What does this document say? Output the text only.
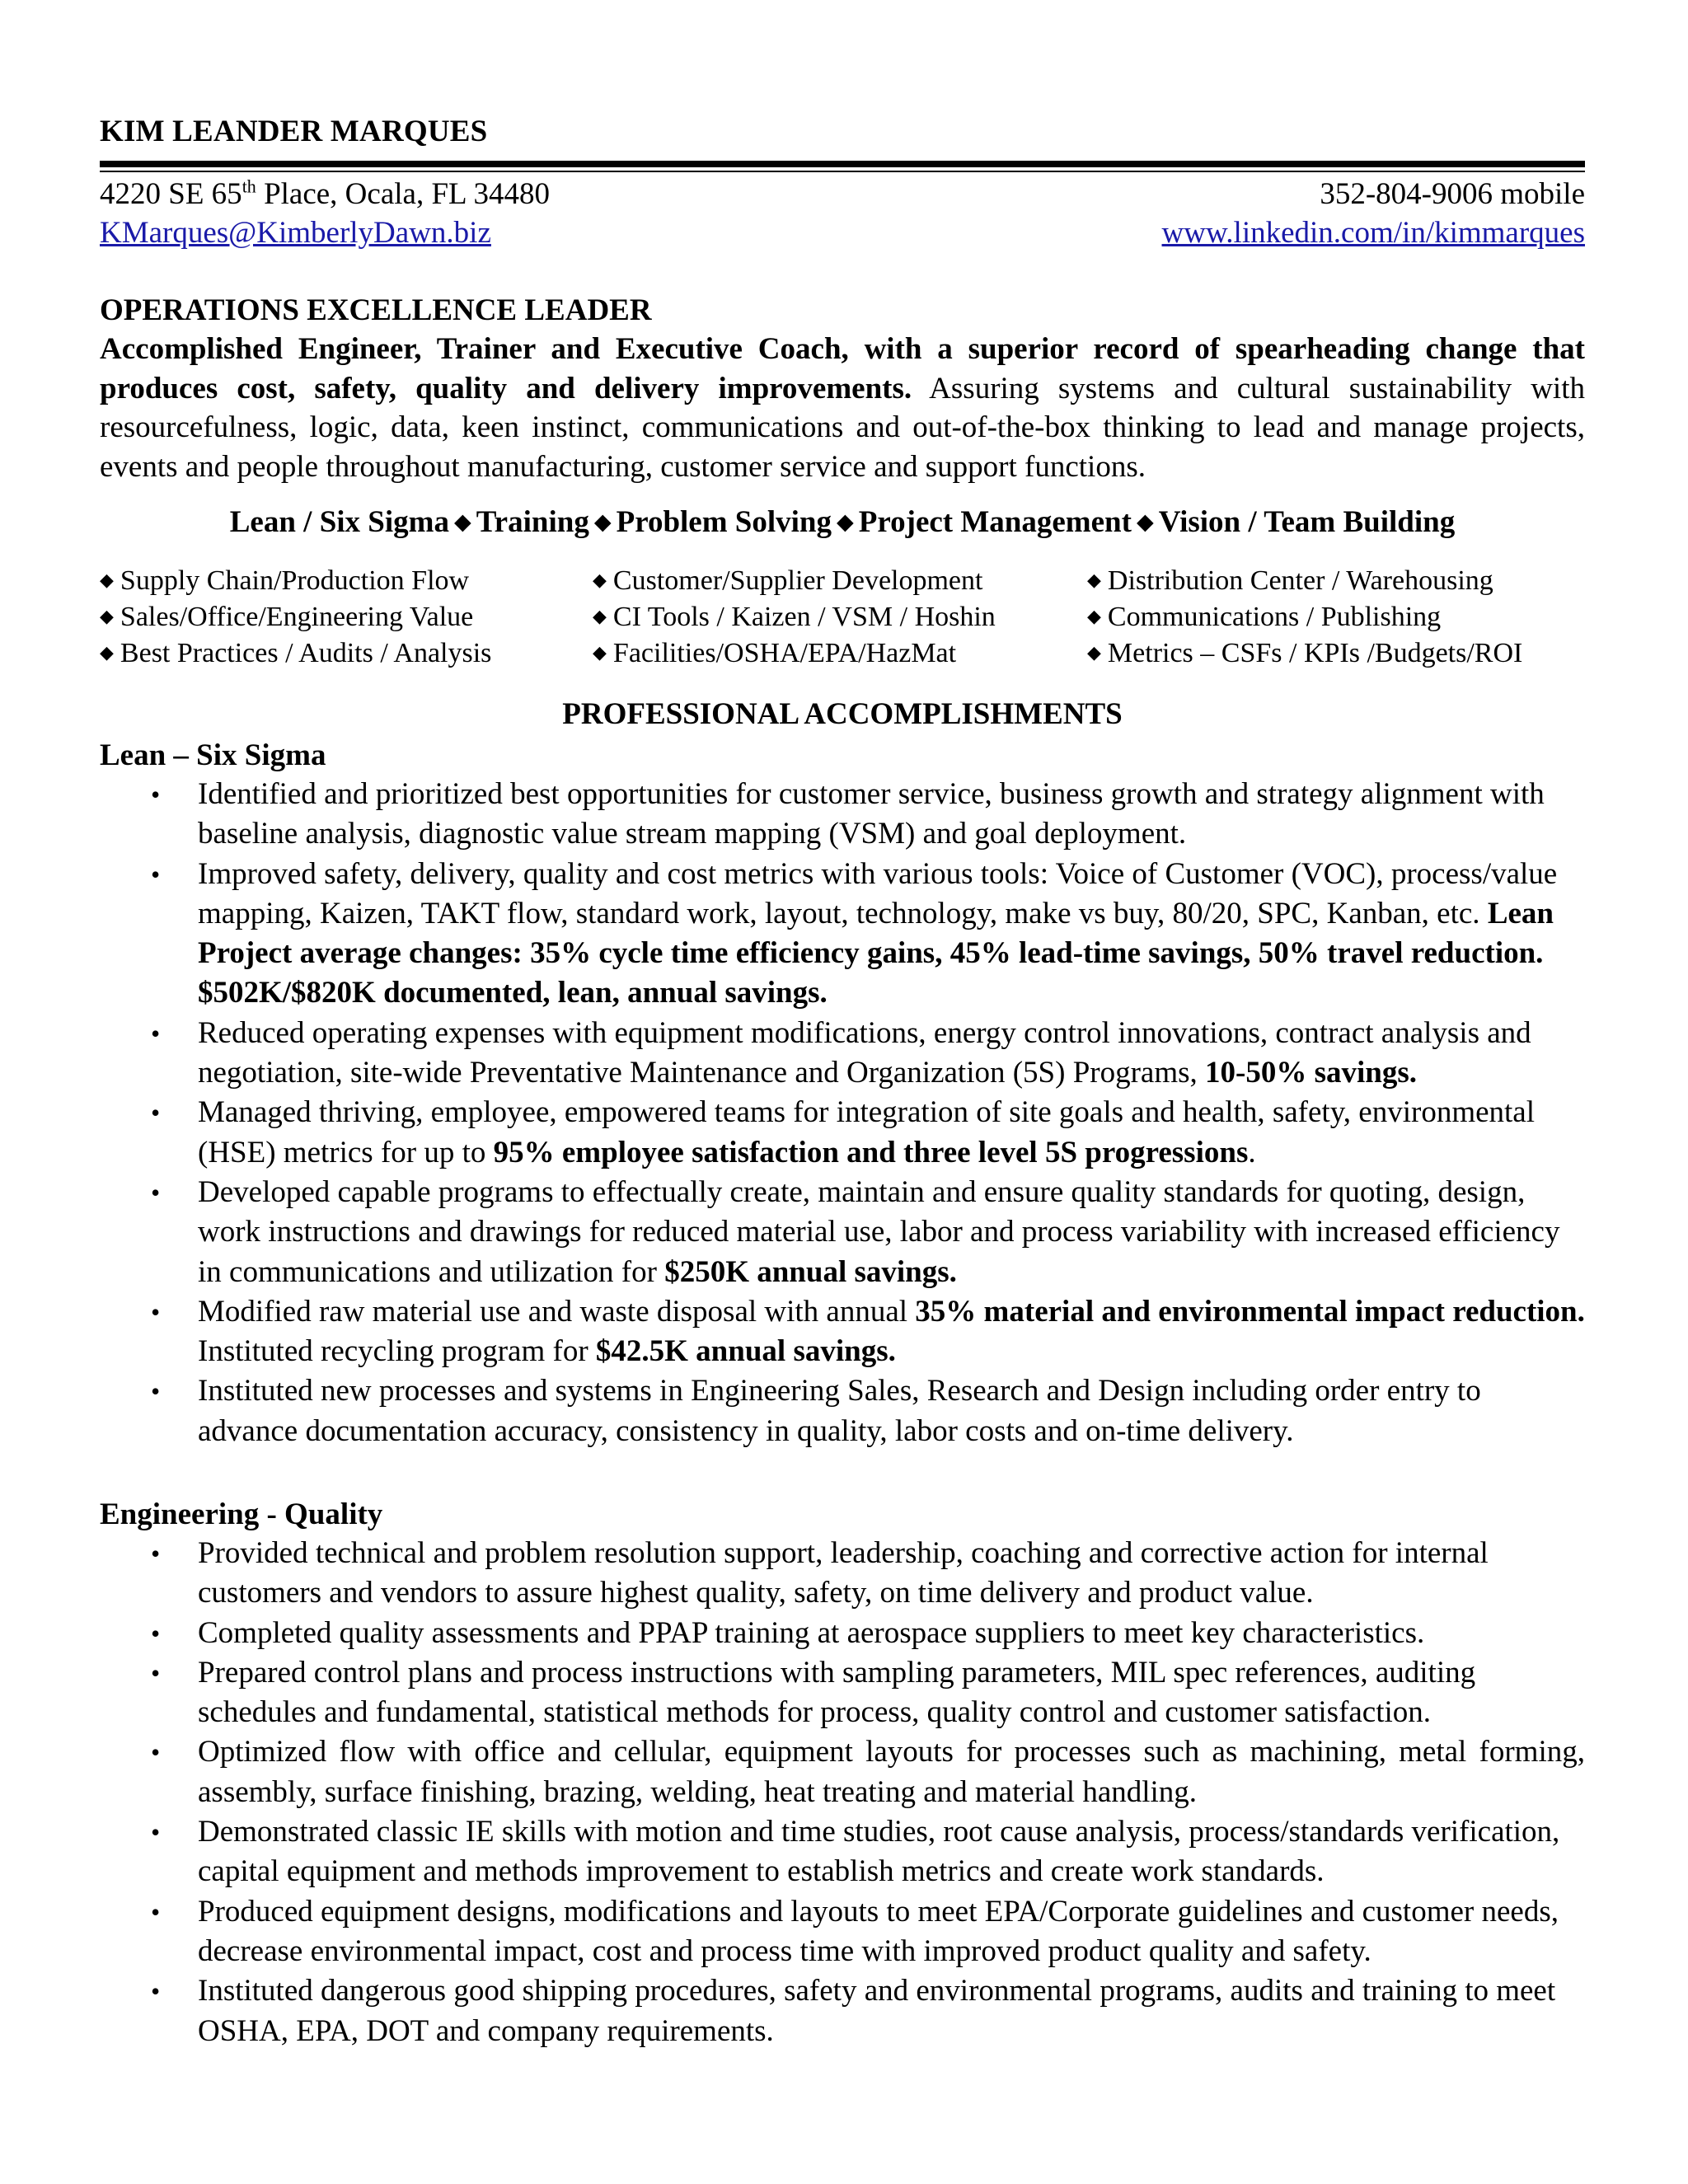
KIM LEANDER MARQUES
4220 SE 65th Place, Ocala, FL 34480	352-804-9006 mobile
KMarques@KimberlyDawn.biz	www.linkedin.com/in/kimmarques
OPERATIONS EXCELLENCE LEADER

Accomplished Engineer, Trainer and Executive Coach, with a superior record of spearheading change that produces cost, safety, quality and delivery improvements. Assuring systems and cultural sustainability with resourcefulness, logic, data, keen instinct, communications and out-of-the-box thinking to lead and manage projects, events and people throughout manufacturing, customer service and support functions.

Lean / Six Sigma ◆ Training ◆ Problem Solving ◆ Project Management ◆ Vision / Team Building
◆ Supply Chain/Production Flow	◆ Customer/Supplier Development	◆ Distribution Center / Warehousing
◆ Sales/Office/Engineering Value	◆ CI Tools / Kaizen / VSM / Hoshin	◆ Communications / Publishing
◆ Best Practices / Audits / Analysis	◆ Facilities/OSHA/EPA/HazMat	◆ Metrics – CSFs / KPIs /Budgets/ROI
PROFESSIONAL ACCOMPLISHMENTS
Lean – Six Sigma
• Identified and prioritized best opportunities for customer service, business growth and strategy alignment with baseline analysis, diagnostic value stream mapping (VSM) and goal deployment.
• Improved safety, delivery, quality and cost metrics with various tools: Voice of Customer (VOC), process/value mapping, Kaizen, TAKT flow, standard work, layout, technology, make vs buy, 80/20, SPC, Kanban, etc. Lean Project average changes: 35% cycle time efficiency gains, 45% lead-time savings, 50% travel reduction. $502K/$820K documented, lean, annual savings.
• Reduced operating expenses with equipment modifications, energy control innovations, contract analysis and negotiation, site-wide Preventative Maintenance and Organization (5S) Programs, 10-50% savings.
• Managed thriving, employee, empowered teams for integration of site goals and health, safety, environmental (HSE) metrics for up to 95% employee satisfaction and three level 5S progressions.
• Developed capable programs to effectually create, maintain and ensure quality standards for quoting, design, work instructions and drawings for reduced material use, labor and process variability with increased efficiency in communications and utilization for $250K annual savings.
• Modified raw material use and waste disposal with annual 35% material and environmental impact reduction. Instituted recycling program for $42.5K annual savings.
• Instituted new processes and systems in Engineering Sales, Research and Design including order entry to advance documentation accuracy, consistency in quality, labor costs and on-time delivery.
Engineering - Quality
• Provided technical and problem resolution support, leadership, coaching and corrective action for internal customers and vendors to assure highest quality, safety, on time delivery and product value.
• Completed quality assessments and PPAP training at aerospace suppliers to meet key characteristics.
• Prepared control plans and process instructions with sampling parameters, MIL spec references, auditing schedules and fundamental, statistical methods for process, quality control and customer satisfaction.
• Optimized flow with office and cellular, equipment layouts for processes such as machining, metal forming, assembly, surface finishing, brazing, welding, heat treating and material handling.
• Demonstrated classic IE skills with motion and time studies, root cause analysis, process/standards verification, capital equipment and methods improvement to establish metrics and create work standards.
• Produced equipment designs, modifications and layouts to meet EPA/Corporate guidelines and customer needs, decrease environmental impact, cost and process time with improved product quality and safety.
• Instituted dangerous good shipping procedures, safety and environmental programs, audits and training to meet OSHA, EPA, DOT and company requirements.
